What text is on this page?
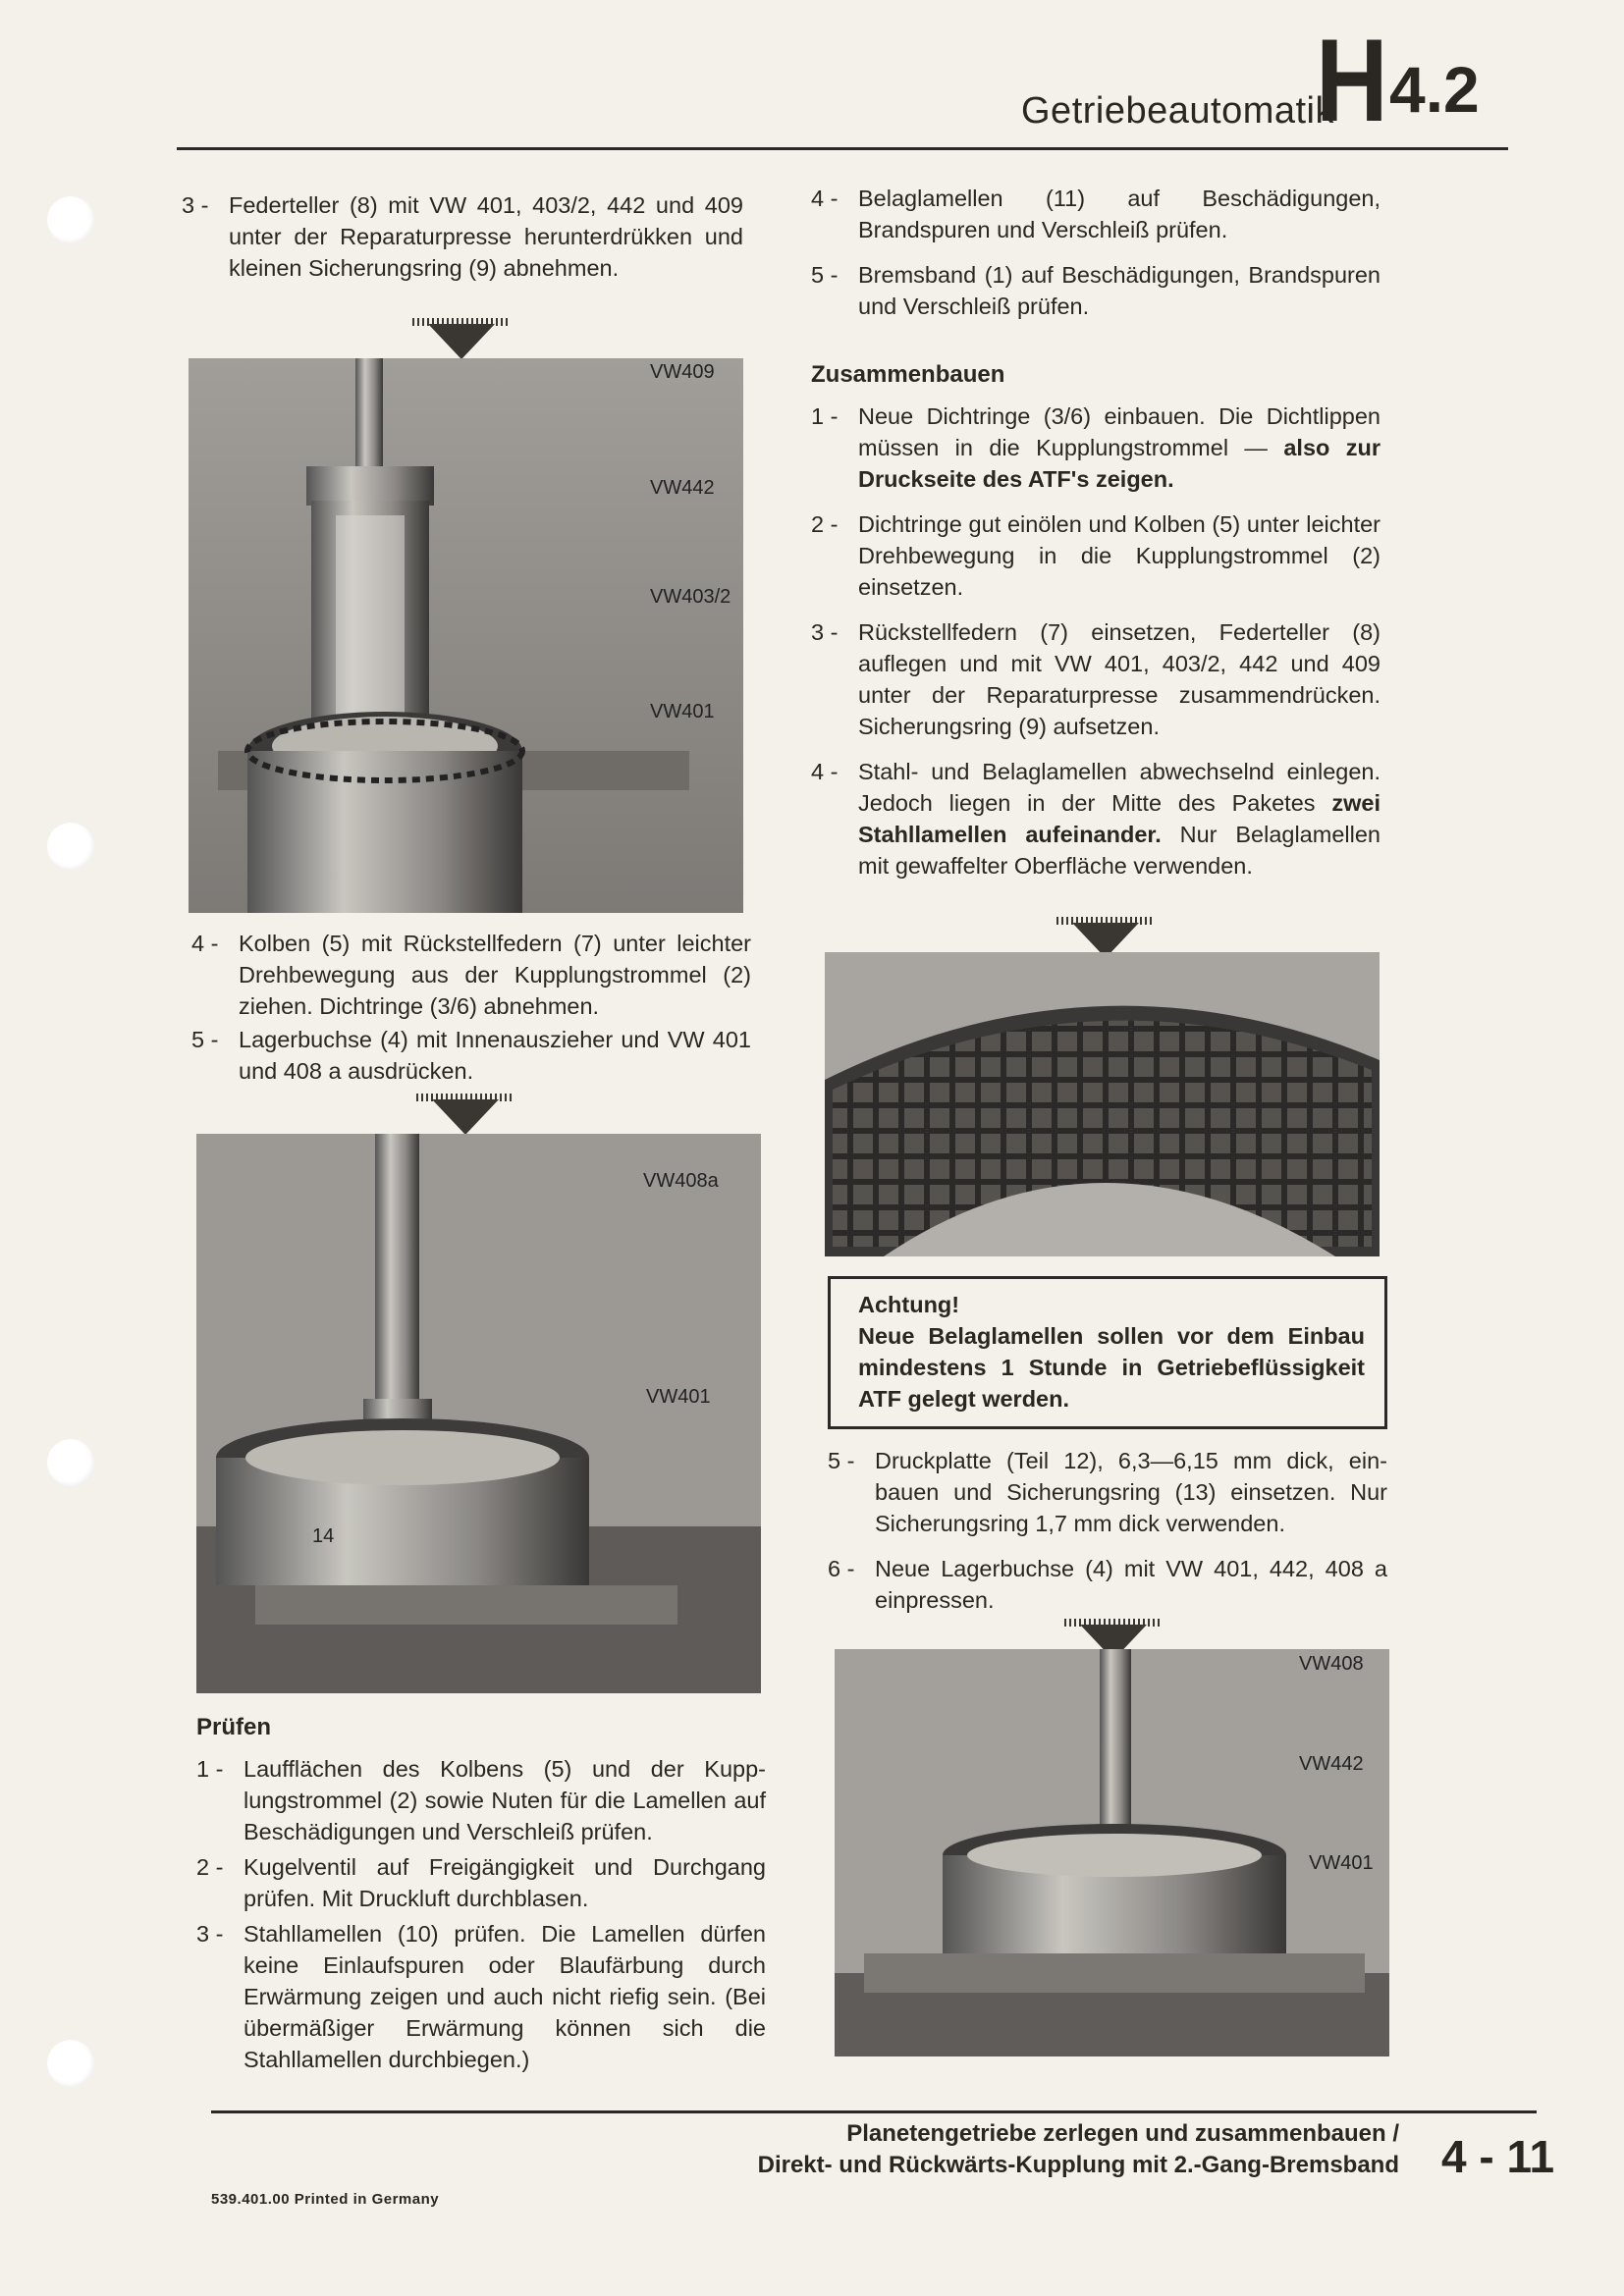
Getriebeautomatik
H 4.2
3 - Federteller (8) mit VW 401, 403/2, 442 und 409 unter der Reparaturpresse herunterdrükken und kleinen Sicherungsring (9) abnehmen.
VW409
VW442
VW403/2
VW401
4 - Kolben (5) mit Rückstellfedern (7) unter leichter Drehbewegung aus der Kupplungstrommel (2) ziehen. Dichtringe (3/6) abnehmen.
5 - Lagerbuchse (4) mit Innenauszieher und VW 401 und 408 a ausdrücken.
VW408a
VW401
14
Prüfen
1 - Laufflächen des Kolbens (5) und der Kupplungstrommel (2) sowie Nuten für die Lamellen auf Beschädigungen und Verschleiß prüfen.
2 - Kugelventil auf Freigängigkeit und Durchgang prüfen. Mit Druckluft durchblasen.
3 - Stahllamellen (10) prüfen. Die Lamellen dürfen keine Einlaufspuren oder Blaufärbung durch Erwärmung zeigen und auch nicht riefig sein. (Bei übermäßiger Erwärmung können sich die Stahllamellen durchbiegen.)
4 - Belaglamellen (11) auf Beschädigungen, Brandspuren und Verschleiß prüfen.
5 - Bremsband (1) auf Beschädigungen, Brandspuren und Verschleiß prüfen.
Zusammenbauen
1 - Neue Dichtringe (3/6) einbauen. Die Dichtlippen müssen in die Kupplungstrommel — also zur Druckseite des ATF's zeigen.
2 - Dichtringe gut einölen und Kolben (5) unter leichter Drehbewegung in die Kupplungstrommel (2) einsetzen.
3 - Rückstellfedern (7) einsetzen, Federteller (8) auflegen und mit VW 401, 403/2, 442 und 409 unter der Reparaturpresse zusammendrücken. Sicherungsring (9) aufsetzen.
4 - Stahl- und Belaglamellen abwechselnd einlegen. Jedoch liegen in der Mitte des Paketes zwei Stahllamellen aufeinander. Nur Belaglamellen mit gewaffelter Oberfläche verwenden.
Achtung!
Neue Belaglamellen sollen vor dem Einbau mindestens 1 Stunde in Getriebeflüssigkeit ATF gelegt werden.
5 - Druckplatte (Teil 12), 6,3—6,15 mm dick, einbauen und Sicherungsring (13) einsetzen. Nur Sicherungsring 1,7 mm dick verwenden.
6 - Neue Lagerbuchse (4) mit VW 401, 442, 408 a einpressen.
VW408
VW442
VW401
Planetengetriebe zerlegen und zusammenbauen /
Direkt- und Rückwärts-Kupplung mit 2.-Gang-Bremsband 4 - 11
539.401.00 Printed in Germany
